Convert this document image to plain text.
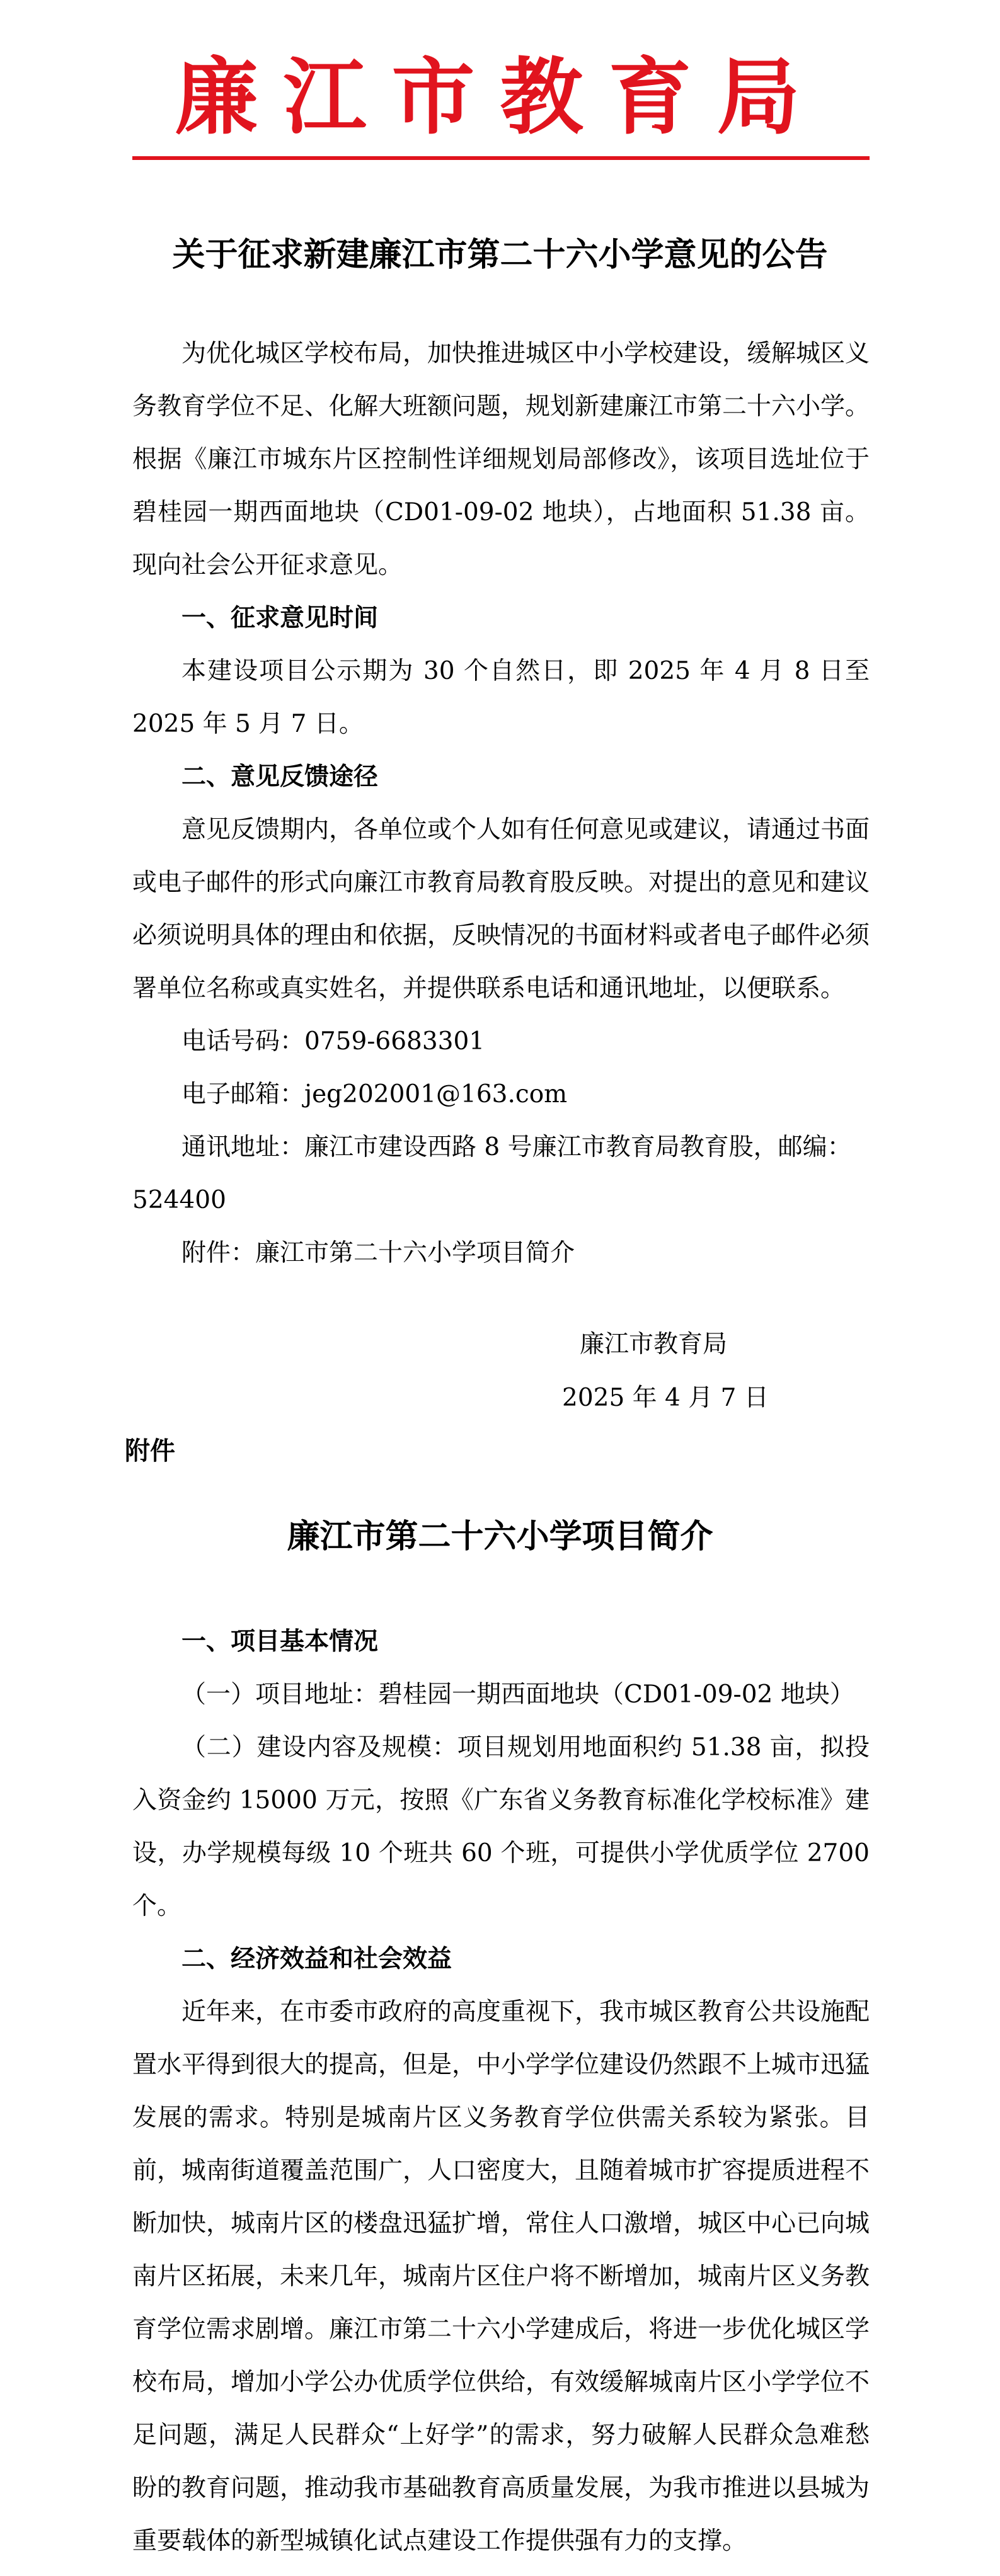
廉江市教育局
关于征求新建廉江市第二十六小学意见的公告

为优化城区学校布局，加快推进城区中小学校建设，缓解城区义务教育学位不足、化解大班额问题，规划新建廉江市第二十六小学。根据《廉江市城东片区控制性详细规划局部修改》，该项目选址位于碧桂园一期西面地块（CD01-09-02 地块），占地面积 51.38 亩。现向社会公开征求意见。

一、征求意见时间

本建设项目公示期为 30 个自然日，即 2025 年 4 月 8 日至 2025 年 5 月 7 日。

二、意见反馈途径

意见反馈期内，各单位或个人如有任何意见或建议，请通过书面或电子邮件的形式向廉江市教育局教育股反映。对提出的意见和建议必须说明具体的理由和依据，反映情况的书面材料或者电子邮件必须署单位名称或真实姓名，并提供联系电话和通讯地址，以便联系。

电话号码：0759-6683301

电子邮箱：jeg202001@163.com

通讯地址：廉江市建设西路 8 号廉江市教育局教育股，邮编：

524400

附件：廉江市第二十六小学项目简介

廉江市教育局
2025 年 4 月 7 日
附件
廉江市第二十六小学项目简介

一、项目基本情况

（一）项目地址：碧桂园一期西面地块（CD01-09-02 地块）

（二）建设内容及规模：项目规划用地面积约 51.38 亩，拟投入资金约 15000 万元，按照《广东省义务教育标准化学校标准》建设，办学规模每级 10 个班共 60 个班，可提供小学优质学位 2700 个。

二、经济效益和社会效益

近年来，在市委市政府的高度重视下，我市城区教育公共设施配置水平得到很大的提高，但是，中小学学位建设仍然跟不上城市迅猛发展的需求。特别是城南片区义务教育学位供需关系较为紧张。目前，城南街道覆盖范围广，人口密度大，且随着城市扩容提质进程不断加快，城南片区的楼盘迅猛扩增，常住人口激增，城区中心已向城南片区拓展，未来几年，城南片区住户将不断增加，城南片区义务教育学位需求剧增。廉江市第二十六小学建成后，将进一步优化城区学校布局，增加小学公办优质学位供给，有效缓解城南片区小学学位不足问题，满足人民群众“上好学”的需求，努力破解人民群众急难愁盼的教育问题，推动我市基础教育高质量发展，为我市推进以县城为重要载体的新型城镇化试点建设工作提供强有力的支撑。
